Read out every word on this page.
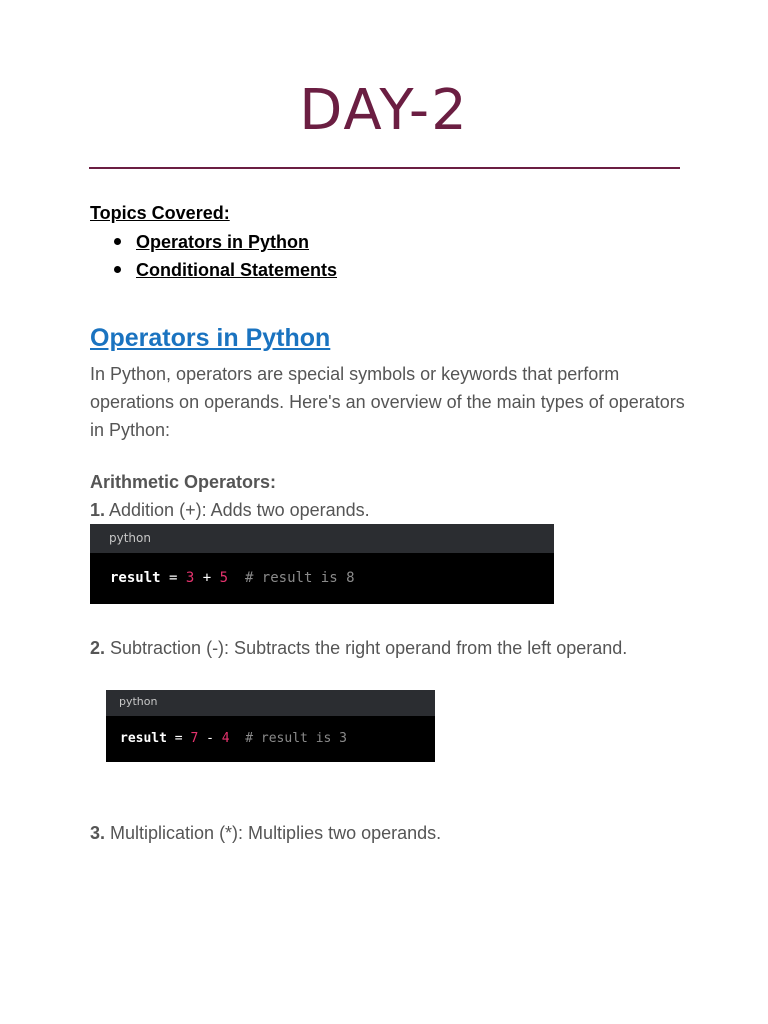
DAY-2
Topics Covered:
Operators in Python
Conditional Statements
Operators in Python

In Python, operators are special symbols or keywords that perform operations on operands. Here's an overview of the main types of operators in Python:

Arithmetic Operators:
1. Addition (+): Adds two operands.
python
result = 3 + 5 # result is 8
2. Subtraction (-): Subtracts the right operand from the left operand.
python
result = 7 - 4 # result is 3
3. Multiplication (*): Multiplies two operands.
